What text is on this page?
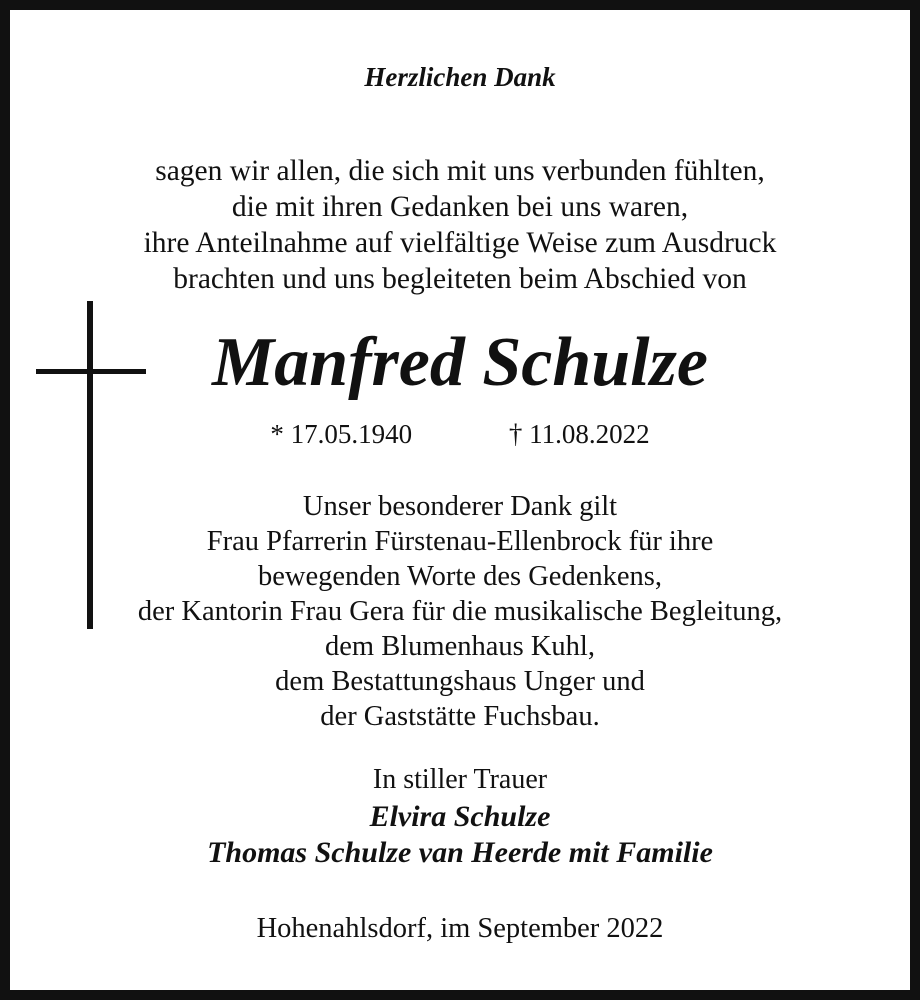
Herzlichen Dank
sagen wir allen, die sich mit uns verbunden fühlten,
die mit ihren Gedanken bei uns waren,
ihre Anteilnahme auf vielfältige Weise zum Ausdruck
brachten und uns begleiteten beim Abschied von
Manfred Schulze
* 17.05.1940	† 11.08.2022
Unser besonderer Dank gilt
Frau Pfarrerin Fürstenau-Ellenbrock für ihre
bewegenden Worte des Gedenkens,
der Kantorin Frau Gera für die musikalische Begleitung,
dem Blumenhaus Kuhl,
dem Bestattungshaus Unger und
der Gaststätte Fuchsbau.
In stiller Trauer
Elvira Schulze
Thomas Schulze van Heerde mit Familie
Hohenahlsdorf, im September 2022
